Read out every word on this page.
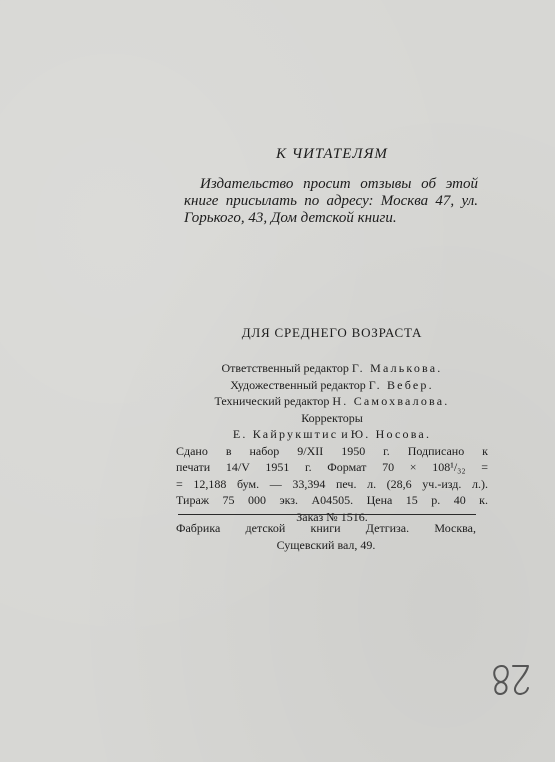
К ЧИТАТЕЛЯМ
Издательство просит отзывы об этой книге присылать по адресу: Москва 47, ул. Горького, 43, Дом детской книги.
ДЛЯ СРЕДНЕГО ВОЗРАСТА
Ответственный редактор Г. Малькова.
Художественный редактор Г. Вебер.
Технический редактор Н. Самохвалова.
Корректоры
Е. Кайрукштис и Ю. Носова.
Сдано в набор 9/XII 1950 г. Подписано к
печати 14/V 1951 г. Формат 70 × 108¹/₃₂ =
= 12,188 бум. — 33,394 печ. л. (28,6 уч.-изд. л.).
Тираж 75 000 экз. А04505. Цена 15 р. 40 к.
Заказ № 1516.
Фабрика детской книги Детгиза. Москва,
Сущевский вал, 49.
